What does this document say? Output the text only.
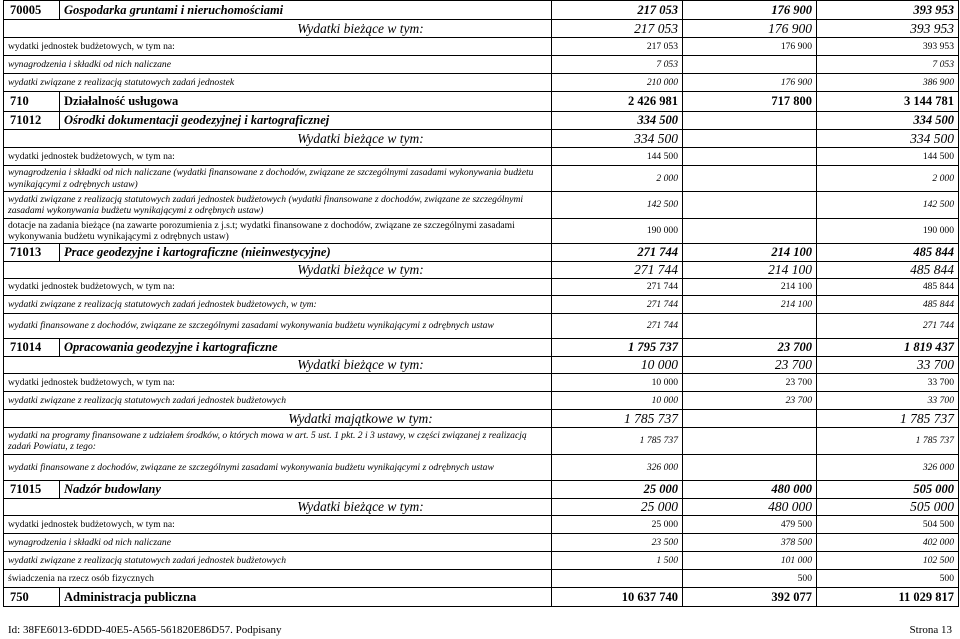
70005	Gospodarka gruntami i nieruchomościami	217 053	176 900	393 953
Wydatki bieżące w tym:		217 053	176 900	393 953
wydatki jednostek budżetowych, w tym na:		217 053	176 900	393 953
wynagrodzenia i składki od nich naliczane		7 053		7 053
wydatki związane z realizacją statutowych zadań jednostek		210 000	176 900	386 900
710	Działalność usługowa	2 426 981	717 800	3 144 781
71012	Ośrodki dokumentacji geodezyjnej i kartograficznej	334 500		334 500
Wydatki bieżące w tym:		334 500		334 500
wydatki jednostek budżetowych, w tym na:		144 500		144 500
wynagrodzenia i składki od nich naliczane (wydatki finansowane z dochodów, związane ze szczególnymi zasadami wykonywania budżetu wynikającymi z odrębnych ustaw)		2 000		2 000
wydatki związane z realizacją statutowych zadań jednostek budżetowych (wydatki finansowane z dochodów, związane ze szczególnymi zasadami wykonywania budżetu wynikającymi z odrębnych ustaw)		142 500		142 500
dotacje na zadania bieżące (na zawarte porozumienia z j.s.t; wydatki finansowane z dochodów, związane ze szczególnymi zasadami wykonywania budżetu wynikającymi z odrębnych ustaw)		190 000		190 000
71013	Prace geodezyjne i kartograficzne (nieinwestycyjne)	271 744	214 100	485 844
Wydatki bieżące w tym:		271 744	214 100	485 844
wydatki jednostek budżetowych, w tym na:		271 744	214 100	485 844
wydatki związane z realizacją statutowych zadań jednostek budżetowych, w tym:		271 744	214 100	485 844
wydatki finansowane z dochodów, związane ze szczególnymi zasadami wykonywania budżetu wynikającymi z odrębnych ustaw		271 744		271 744
71014	Opracowania geodezyjne i kartograficzne	1 795 737	23 700	1 819 437
Wydatki bieżące w tym:		10 000	23 700	33 700
wydatki jednostek budżetowych, w tym na:		10 000	23 700	33 700
wydatki związane z realizacją statutowych zadań jednostek budżetowych		10 000	23 700	33 700
Wydatki majątkowe w tym:		1 785 737		1 785 737
wydatki na programy finansowane z udziałem środków, o których mowa w art. 5 ust. 1 pkt. 2 i 3 ustawy, w części związanej z realizacją zadań Powiatu, z tego:		1 785 737		1 785 737
wydatki finansowane z dochodów, związane ze szczególnymi zasadami wykonywania budżetu wynikającymi z odrębnych ustaw		326 000		326 000
71015	Nadzór budowlany	25 000	480 000	505 000
Wydatki bieżące w tym:		25 000	480 000	505 000
wydatki jednostek budżetowych, w tym na:		25 000	479 500	504 500
wynagrodzenia i składki od nich naliczane		23 500	378 500	402 000
wydatki związane z realizacją statutowych zadań jednostek budżetowych		1 500	101 000	102 500
świadczenia na rzecz osób fizycznych			500	500
750	Administracja publiczna	10 637 740	392 077	11 029 817
Id: 38FE6013-6DDD-40E5-A565-561820E86D57. Podpisany	Strona 13
